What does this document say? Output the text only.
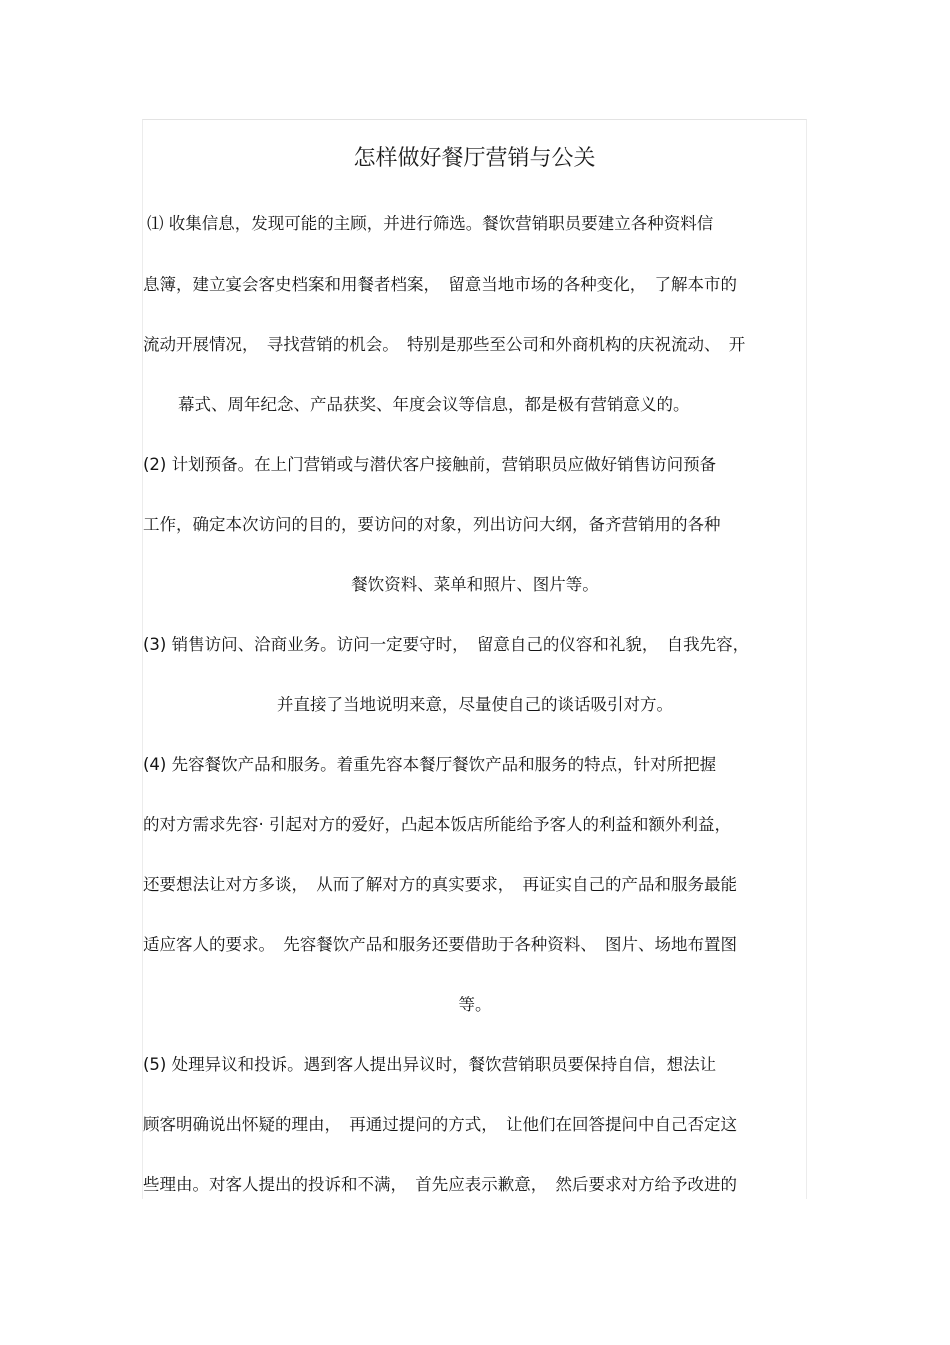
怎样做好餐厅营销与公关
⑴ 收集信息，发现可能的主顾，并进行筛选。餐饮营销职员要建立各种资料信
息簿，建立宴会客史档案和用餐者档案，　留意当地市场的各种变化，　了解本市的
流动开展情况，　寻找营销的机会。　特别是那些至公司和外商机构的庆祝流动、　开
幕式、周年纪念、产品获奖、年度会议等信息，都是极有营销意义的。
(2) 计划预备。在上门营销或与潜伏客户接触前，营销职员应做好销售访问预备
工作，确定本次访问的目的，要访问的对象，列出访问大纲，备齐营销用的各种
餐饮资料、菜单和照片、图片等。
(3) 销售访问、洽商业务。访问一定要守时，　留意自己的仪容和礼貌，　自我先容，
并直接了当地说明来意，尽量使自己的谈话吸引对方。
(4) 先容餐饮产品和服务。着重先容本餐厅餐饮产品和服务的特点，针对所把握
的对方需求先容· 引起对方的爱好，凸起本饭店所能给予客人的利益和额外利益，
还要想法让对方多谈，　从而了解对方的真实要求，　再证实自己的产品和服务最能
适应客人的要求。　先容餐饮产品和服务还要借助于各种资料、　图片、场地布置图
等。
(5) 处理异议和投诉。遇到客人提出异议时，餐饮营销职员要保持自信，想法让
顾客明确说出怀疑的理由，　再通过提问的方式，　让他们在回答提问中自己否定这
些理由。对客人提出的投诉和不满，　首先应表示歉意，　然后要求对方给予改进的
